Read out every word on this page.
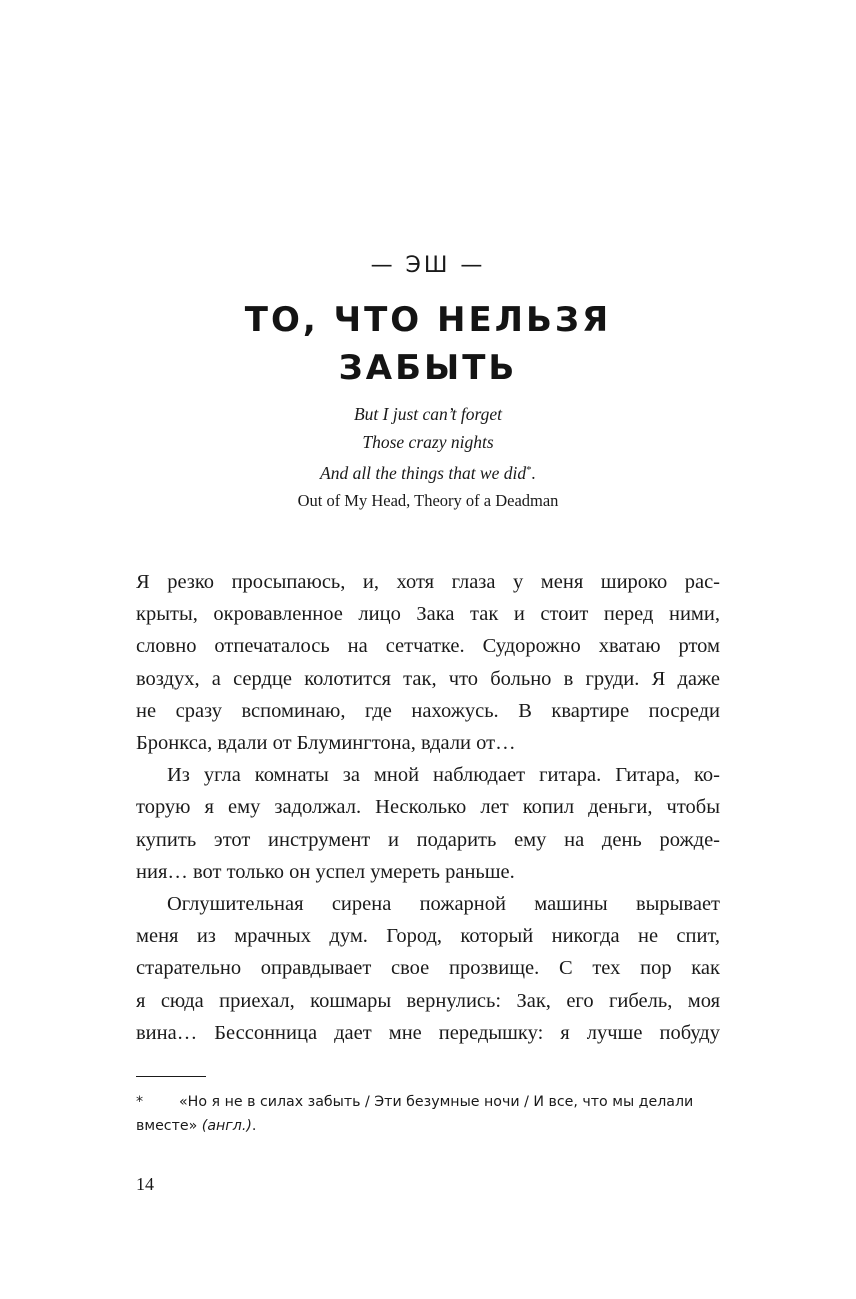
— ЭШ —
ТО, ЧТО НЕЛЬЗЯ
ЗАБЫТЬ
But I just can’t forget
Those crazy nights
And all the things that we did*.
Out of My Head, Theory of a Deadman

Я резко просыпаюсь, и, хотя глаза у меня широко рас-
крыты, окровавленное лицо Зака так и стоит перед ними,
словно отпечаталось на сетчатке. Судорожно хватаю ртом
воздух, а сердце колотится так, что больно в груди. Я даже
не сразу вспоминаю, где нахожусь. В квартире посреди
Бронкса, вдали от Блумингтона, вдали от…

Из угла комнаты за мной наблюдает гитара. Гитара, ко-
торую я ему задолжал. Несколько лет копил деньги, чтобы
купить этот инструмент и подарить ему на день рожде-
ния… вот только он успел умереть раньше.

Оглушительная сирена пожарной машины вырывает
меня из мрачных дум. Город, который никогда не спит,
старательно оправдывает свое прозвище. С тех пор как
я сюда приехал, кошмары вернулись: Зак, его гибель, моя
вина… Бессонница дает мне передышку: я лучше побуду

*	«Но я не в силах забыть / Эти безумные ночи / И все, что мы делали
вместе» (англ.).
14
